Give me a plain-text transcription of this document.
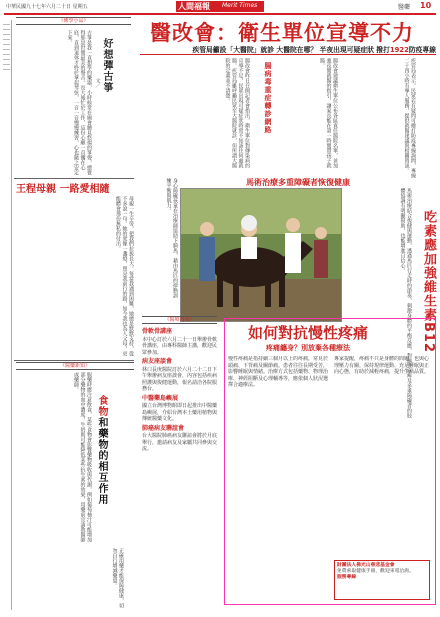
中華民國九十七年六月二十日 星期五	人間福報 Merit Times	醫藥 10
《佛學小品》
古箏是我一直想學的樂器，小時候常在廟會聽見悠揚的箏聲，總覺得那是世間最美的聲音。長大後忙於工作，這份心願一直擱在心底，直到退休才終於拿起琴弦，一音一音慢慢練習，心也隨之安定下來。
好想彈古箏
文／
王程母親 一路愛相隨
母親一生辛勞，把我們拉拔長大。每當我遇到困難，她總是默默支持，從不多說一句。她的愛像一盞燈，照亮我前行的路，如今我也為人父母，更能體會那份無私的付出。
《醫藥新知》
服藥時應注意飲食，某些食物會影響藥物吸收與代謝，例如葡萄柚汁可能增加部分藥物的血中濃度，牛奶則可能降低某些抗生素的效果，用藥前宜請教醫師或藥師。
食物和藥物的相互作用
正確用藥才能保障健康，切勿自行增減藥量。
醫改會：衛生單位宣導不力
疾管局籲設「大醫院」就診 大醫院在哪？ 半夜出現可疑症狀 撥打1922防疫專線
醫改會昨日召開記者會指出，衛生單位對傳染病的宣導不足，民眾出現可疑症狀時常不知該往何處就醫。疾管局雖呼籲民眾至大醫院就診，但所謂大醫院的定義並不清楚。	腸病毒重症轉診網路	醫改會建議衛生單位公布各區責任醫院名單，並加強夜間就醫的指引，讓家長能在第一時間帶孩子就醫。	疾管局表示，民眾若有疑問可撥打防疫專線詢問，專線二十四小時有專人服務，提供就醫建議與相關資訊。
身心障礙孩童在治療師協助下騎馬，藉由馬匹的律動訓練平衡與肌力。	馬術治療多重障礙者恢復健康
馬術治療結合復健與運動，透過馬匹行走時的節奏，刺激身體的平衡反應，對腦性麻痺及多重障礙者的肢體協調有明顯幫助，也能增進自信心。	吃素應加強維生素B12
《醫療資訊》
骨軟骨講座
本中心訂於六月二十一日舉辦骨軟骨講座，由專科醫師主講，歡迎民眾參加。
病友座談會
林口長庚醫院訂於六月二十二日下午舉辦病友座談會，內容包括疾病照護與復健運動，報名請洽各院服務台。
中醫藥島嶼展
國立台灣博物館即日起推出中醫藥島嶼展，介紹台灣本土藥用植物與傳統醫藥文化。
肺癌病友聯誼會
台大醫院肺癌病友聯誼會將於月底舉行，邀請病友及家屬共同參與交流。
如何對抗慢性疼痛
疼痛纏身？別放棄各種療法
慢性疼痛是指持續三個月以上的疼痛，常見於頭痛、下背痛及關節痛。患者往往長期受苦，影響睡眠與情緒。治療方式包括藥物、物理治療、神經阻斷及心理輔導等，應依個人狀況選擇合適療法。
專家提醒，疼痛不只是身體的問題，也與心理壓力有關。保持規律運動、充足睡眠與正向心態，有助於減輕疼痛，提升生活品質。
財團法人佛光山慈悲基金會
免費索取健康手冊，歡迎來電洽詢。
服務專線
